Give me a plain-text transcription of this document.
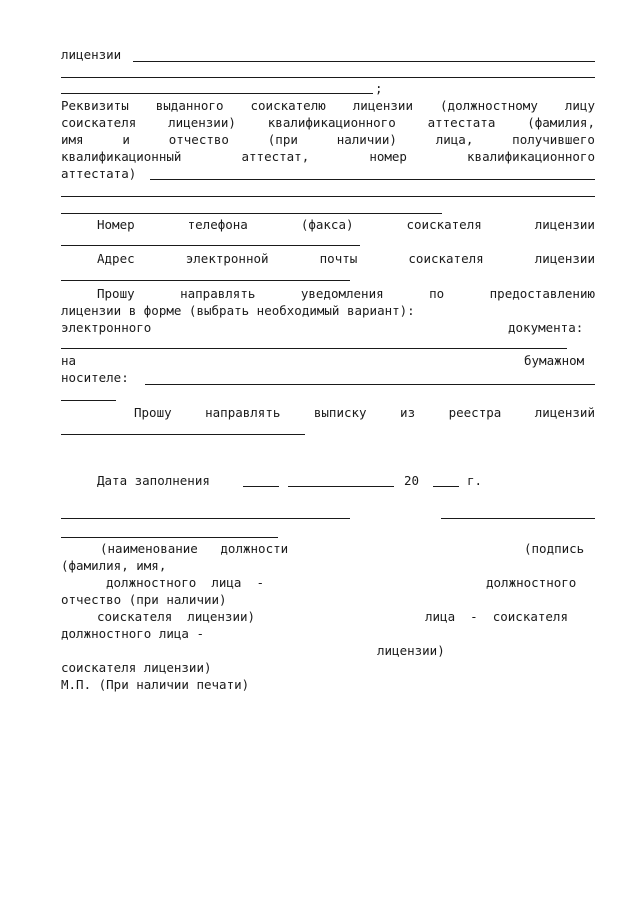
лицензии
;
Реквизиты выданного соискателю лицензии (должностному лицу
соискателя	лицензии)	квалификационного	аттестата	(фамилия,
имя	и	отчество	(при	наличии)	лица,	получившего
квалификационный	аттестат,	номер	квалификационного
аттестата)
Номер	телефона	(факса)	соискателя	лицензии
Адрес	электронной	почты	соискателя	лицензии
Прошу	направлять	уведомления	по	предоставлению
лицензии в форме (выбрать необходимый вариант):
электронного	документа:
на	бумажном
носителе:
Прошу	направлять	выписку	из	реестра	лицензий
Дата заполнения	20	г.
(наименование   должности	(подпись
(фамилия, имя,
должностного  лица  -	должностного
отчество (при наличии)
соискателя  лицензии)	лица  -  соискателя
должностного лица -
лицензии)
соискателя лицензии)
М.П. (При наличии печати)
